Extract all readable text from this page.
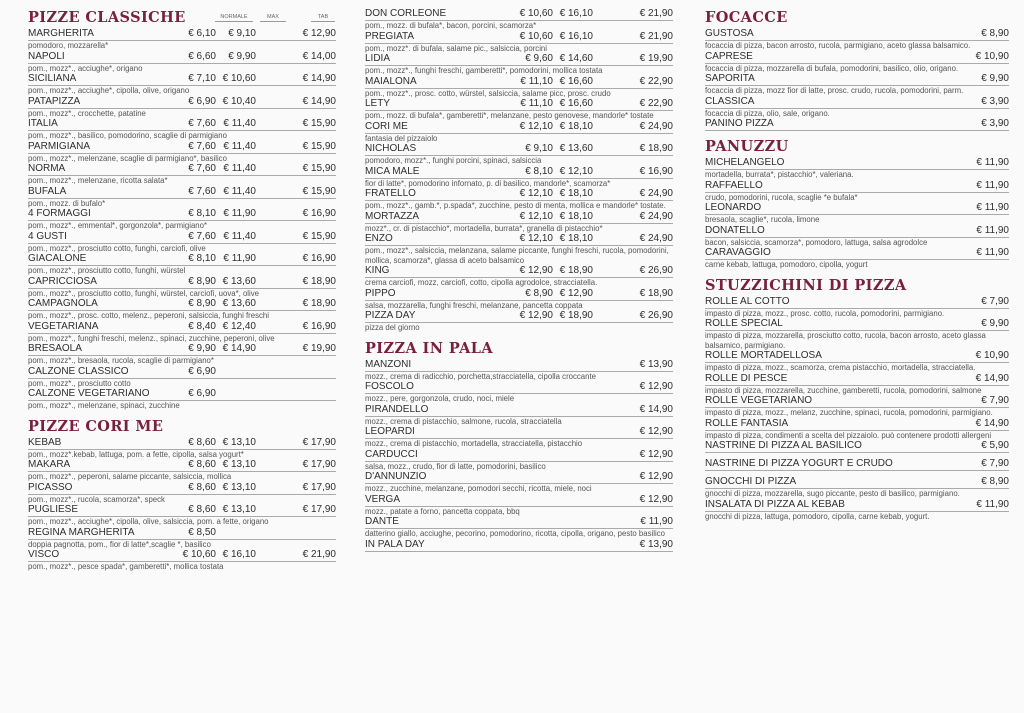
PIZZE CLASSICHE	NORMALE	MAX	TAB
MARGHERITA	€ 6,10 € 9,10	€ 12,90
pomodoro, mozzarella*
NAPOLI	€ 6,60 € 9,90	€ 14,00
pom., mozz*., acciughe*, origano
SICILIANA	€ 7,10 € 10,60	€ 14,90
pom., mozz*., acciughe*, cipolla, olive, origano
PATAPIZZA	€ 6,90 € 10,40	€ 14,90
pom., mozz*., crocchette, patatine
ITALIA	€ 7,60 € 11,40	€ 15,90
pom., mozz*., basilico, pomodorino, scaglie di parmigiano
PARMIGIANA	€ 7,60 € 11,40	€ 15,90
pom., mozz*., melenzane, scaglie di parmigiano*, basilico
NORMA	€ 7,60 € 11,40	€ 15,90
pom., mozz*., melenzane, ricotta salata*
BUFALA	€ 7,60 € 11,40	€ 15,90
pom., mozz. di bufalo*
4 FORMAGGI	€ 8,10 € 11,90	€ 16,90
pom., mozz*., emmental*, gorgonzola*, parmigiano*
4 GUSTI	€ 7,60 € 11,40	€ 15,90
pom., mozz*., prosciutto cotto, funghi, carciofi, olive
GIACALONE	€ 8,10 € 11,90	€ 16,90
pom., mozz*., prosciutto cotto, funghi, würstel
CAPRICCIOSA	€ 8,90 € 13,60	€ 18,90
pom., mozz*., prosciutto cotto, funghi, würstel, carciofi, uova*, olive
CAMPAGNOLA	€ 8,90 € 13,60	€ 18,90
pom., mozz*., prosc. cotto, melenz., peperoni, salsiccia, funghi freschi
VEGETARIANA	€ 8,40 € 12,40	€ 16,90
pom., mozz*., funghi freschi, melenz., spinaci, zucchine, peperoni, olive
BRESAOLA	€ 9,90 € 14,90	€ 19,90
pom., mozz*., bresaola, rucola, scaglie di parmigiano*
CALZONE CLASSICO	€ 6,90
pom., mozz*., prosciutto cotto
CALZONE VEGETARIANO	€ 6,90
pom., mozz*., melenzane, spinaci, zucchine
PIZZE CORI ME
KEBAB	€ 8,60 € 13,10	€ 17,90
pom., mozz*.kebab, lattuga, pom. a fette, cipolla, salsa yogurt*
MAKARA	€ 8,60 € 13,10	€ 17,90
pom., mozz*., peperoni, salame piccante, salsiccia, mollica
PICASSO	€ 8,60 € 13,10	€ 17,90
pom., mozz*., rucola, scamorza*, speck
PUGLIESE	€ 8,60 € 13,10	€ 17,90
pom., mozz*., acciughe*, cipolla, olive, salsiccia, pom. a fette, origano
REGINA MARGHERITA	€ 8,50
doppia pagnotta, pom., fior di latte*,scaglie *, basilico
VISCO	€ 10,60 € 16,10	€ 21,90
pom., mozz*., pesce spada*, gamberetti*, mollica tostata
DON CORLEONE	€ 10,60 € 16,10	€ 21,90
pom., mozz. di bufala*, bacon, porcini, scamorza*
PREGIATA	€ 10,60 € 16,10	€ 21,90
pom., mozz*. di bufala, salame pic., salsiccia, porcini
LIDIA	€ 9,60 € 14,60	€ 19,90
pom., mozz*., funghi freschi, gamberetti*, pomodorini, mollica tostata
MAIALONA	€ 11,10 € 16,60	€ 22,90
pom., mozz*., prosc. cotto, würstel, salsiccia, salame picc, prosc. crudo
LETY	€ 11,10 € 16,60	€ 22,90
pom., mozz. di bufala*, gamberetti*, melanzane, pesto genovese, mandorle* tostate
CORI ME	€ 12,10 € 18,10	€ 24,90
fantasia del pizzaiolo
NICHOLAS	€ 9,10 € 13,60	€ 18,90
pomodoro, mozz*., funghi porcini, spinaci, salsiccia
MICA MALE	€ 8,10 € 12,10	€ 16,90
fior di latte*, pomodorino infornato, p. di basilico, mandorle*, scamorza*
FRATELLO	€ 12,10 € 18,10	€ 24,90
pom., mozz*., gamb.*, p.spada*, zucchine, pesto di menta, mollica e mandorle* tostate.
MORTAZZA	€ 12,10 € 18,10	€ 24,90
mozz*., cr. di pistacchio*, mortadella, burrata*, granella di pistacchio*
ENZO	€ 12,10 € 18,10	€ 24,90
pom., mozz*., salsiccia, melanzana, salame piccante, funghi freschi, rucola, pomodorini, mollica, scamorza*, glassa di aceto balsamico
KING	€ 12,90 € 18,90	€ 26,90
crema carciofi, mozz, carciofi, cotto, cipolla agrodolce, stracciatella.
PIPPO	€ 8,90 € 12,90	€ 18,90
salsa, mozzarella, funghi freschi, melanzane, pancetta coppata
PIZZA DAY	€ 12,90 € 18,90	€ 26,90
pizza del giorno
PIZZA IN PALA
MANZONI	€ 13,90
mozz., crema di radicchio, porchetta,stracciatella, cipolla croccante
FOSCOLO	€ 12,90
mozz., pere, gorgonzola, crudo, noci, miele
PIRANDELLO	€ 14,90
mozz., crema di pistacchio, salmone, rucola, stracciatella
LEOPARDI	€ 12,90
mozz., crema di pistacchio, mortadella, stracciatella, pistacchio
CARDUCCI	€ 12,90
salsa, mozz., crudo, fior di latte, pomodorini, basilico
D'ANNUNZIO	€ 12,90
mozz., zucchine, melanzane, pomodori secchi, ricotta, miele, noci
VERGA	€ 12,90
mozz., patate a forno, pancetta coppata, bbq
DANTE	€ 11,90
datterino giallo, acciughe, pecorino, pomodorino, ricotta, cipolla, origano, pesto basilico
IN PALA DAY	€ 13,90
FOCACCE
GUSTOSA	€ 8,90
focaccia di pizza, bacon arrosto, rucola, parmigiano, aceto glassa balsamico.
CAPRESE	€ 10,90
focaccia di pizza, mozzarella di bufala, pomodorini, basilico, olio, origano.
SAPORITA	€ 9,90
focaccia di pizza, mozz fior di latte, prosc. crudo, rucola, pomodorini, parm.
CLASSICA	€ 3,90
focaccia di pizza, olio, sale, origano.
PANINO PIZZA	€ 3,90
PANUZZU
MICHELANGELO	€ 11,90
mortadella, burrata*, pistacchio*, valeriana.
RAFFAELLO	€ 11,90
crudo, pomodorini, rucola, scaglie *e bufala*
LEONARDO	€ 11,90
bresaola, scaglie*, rucola, limone
DONATELLO	€ 11,90
bacon, salsiccia, scamorza*, pomodoro, lattuga, salsa agrodolce
CARAVAGGIO	€ 11,90
carne kebab, lattuga, pomodoro, cipolla, yogurt
STUZZICHINI DI PIZZA
ROLLE AL COTTO	€ 7,90
impasto di pizza, mozz., prosc. cotto, rucola, pomodorini, parmigiano.
ROLLE SPECIAL	€ 9,90
impasto di pizza, mozzarella, prosciutto cotto, rucola, bacon arrosto, aceto glassa balsamico, parmigiano.
ROLLE MORTADELLOSA	€ 10,90
impasto di pizza, mozz., scamorza, crema pistacchio, mortadella, stracciatella.
ROLLE DI PESCE	€ 14,90
impasto di pizza, mozzarella, zucchine, gamberetti, rucola, pomodorini, salmone
ROLLE VEGETARIANO	€ 7,90
impasto di pizza, mozz., melanz, zucchine, spinaci, rucola, pomodorini, parmigiano.
ROLLE FANTASIA	€ 14,90
impasto di pizza, condimenti a scelta del pizzaiolo. può contenere prodotti allergeni
NASTRINE DI PIZZA AL BASILICO	€ 5,90
NASTRINE DI PIZZA YOGURT E CRUDO	€ 7,90
GNOCCHI DI PIZZA	€ 8,90
gnocchi di pizza, mozzarella, sugo piccante, pesto di basilico, parmigiano.
INSALATA DI PIZZA AL KEBAB	€ 11,90
gnocchi di pizza, lattuga, pomodoro, cipolla, carne kebab, yogurt.
